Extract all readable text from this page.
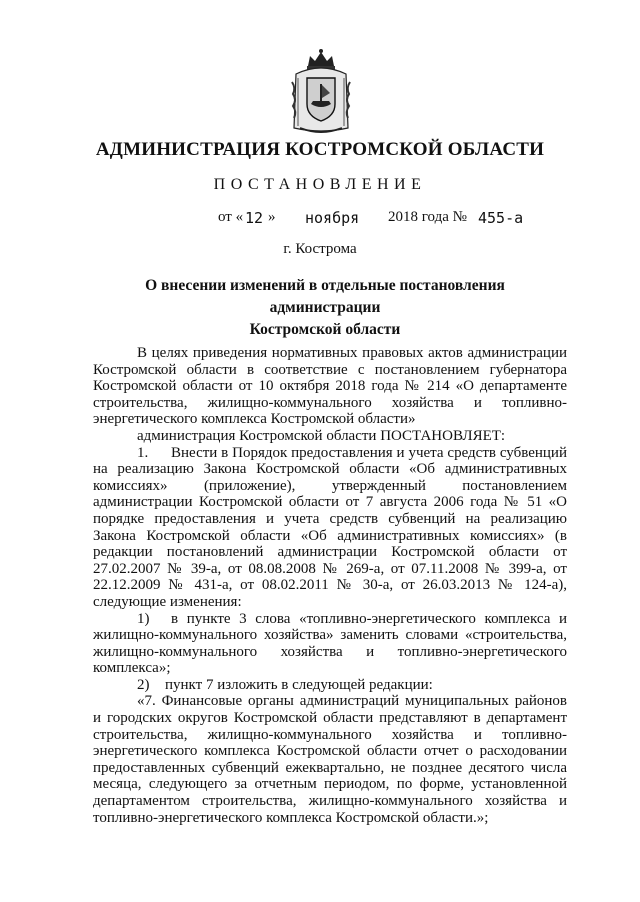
АДМИНИСТРАЦИЯ КОСТРОМСКОЙ ОБЛАСТИ
ПОСТАНОВЛЕНИЕ
от « 12 » ноября 2018 года № 455-а
г. Кострома
О внесении изменений в отдельные постановления администрации
Костромской области

В целях приведения нормативных правовых актов администрации Костромской области в соответствие с постановлением губернатора Костромской области от 10 октября 2018 года № 214 «О департаменте строительства, жилищно-коммунального хозяйства и топливно-энергетического комплекса Костромской области»

администрация Костромской области ПОСТАНОВЛЯЕТ:

1. Внести в Порядок предоставления и учета средств субвенций на реализацию Закона Костромской области «Об административных комиссиях» (приложение), утвержденный постановлением администрации Костромской области от 7 августа 2006 года № 51 «О порядке предоставления и учета средств субвенций на реализацию Закона Костромской области «Об административных комиссиях» (в редакции постановлений администрации Костромской области от 27.02.2007 № 39-а, от 08.08.2008 № 269-а, от 07.11.2008 № 399-а, от 22.12.2009 № 431-а, от 08.02.2011 № 30-а, от 26.03.2013 № 124-а), следующие изменения:

1) в пункте 3 слова «топливно-энергетического комплекса и жилищно-коммунального хозяйства» заменить словами «строительства, жилищно-коммунального хозяйства и топливно-энергетического комплекса»;

2) пункт 7 изложить в следующей редакции:

«7. Финансовые органы администраций муниципальных районов и городских округов Костромской области представляют в департамент строительства, жилищно-коммунального хозяйства и топливно-энергетического комплекса Костромской области отчет о расходовании предоставленных субвенций ежеквартально, не позднее десятого числа месяца, следующего за отчетным периодом, по форме, установленной департаментом строительства, жилищно-коммунального хозяйства и топливно-энергетического комплекса Костромской области.»;
